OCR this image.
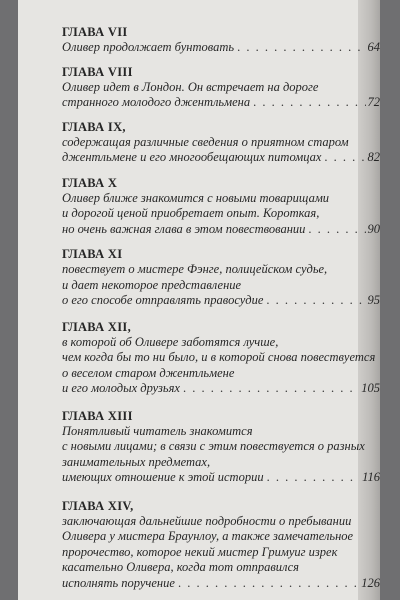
ГЛАВА VII
Оливер продолжает бунтовать . . .	64
ГЛАВА VIII
Оливер идет в Лондон. Он встречает на дороге
странного молодого джентльмена . . .	72
ГЛАВА IX,
содержащая различные сведения о приятном старом
джентльмене и его многообещающих питомцах . . .	82
ГЛАВА X
Оливер ближе знакомится с новыми товарищами
и дорогой ценой приобретает опыт. Короткая,
но очень важная глава в этом повествовании . . .	90
ГЛАВА XI
повествует о мистере Фэнге, полицейском судье,
и дает некоторое представление
о его способе отправлять правосудие . . .	95
ГЛАВА XII,
в которой об Оливере заботятся лучше,
чем когда бы то ни было, и в которой снова повествуется
о веселом старом джентльмене
и его молодых друзьях . . .	105
ГЛАВА XIII
Понятливый читатель знакомится
с новыми лицами; в связи с этим повествуется о разных
занимательных предметах,
имеющих отношение к этой истории . . .	116
ГЛАВА XIV,
заключающая дальнейшие подробности о пребывании
Оливера у мистера Браунлоу, а также замечательное
пророчество, которое некий мистер Гримуиг изрек
касательно Оливера, когда тот отправился
исполнять поручение . . .	126
